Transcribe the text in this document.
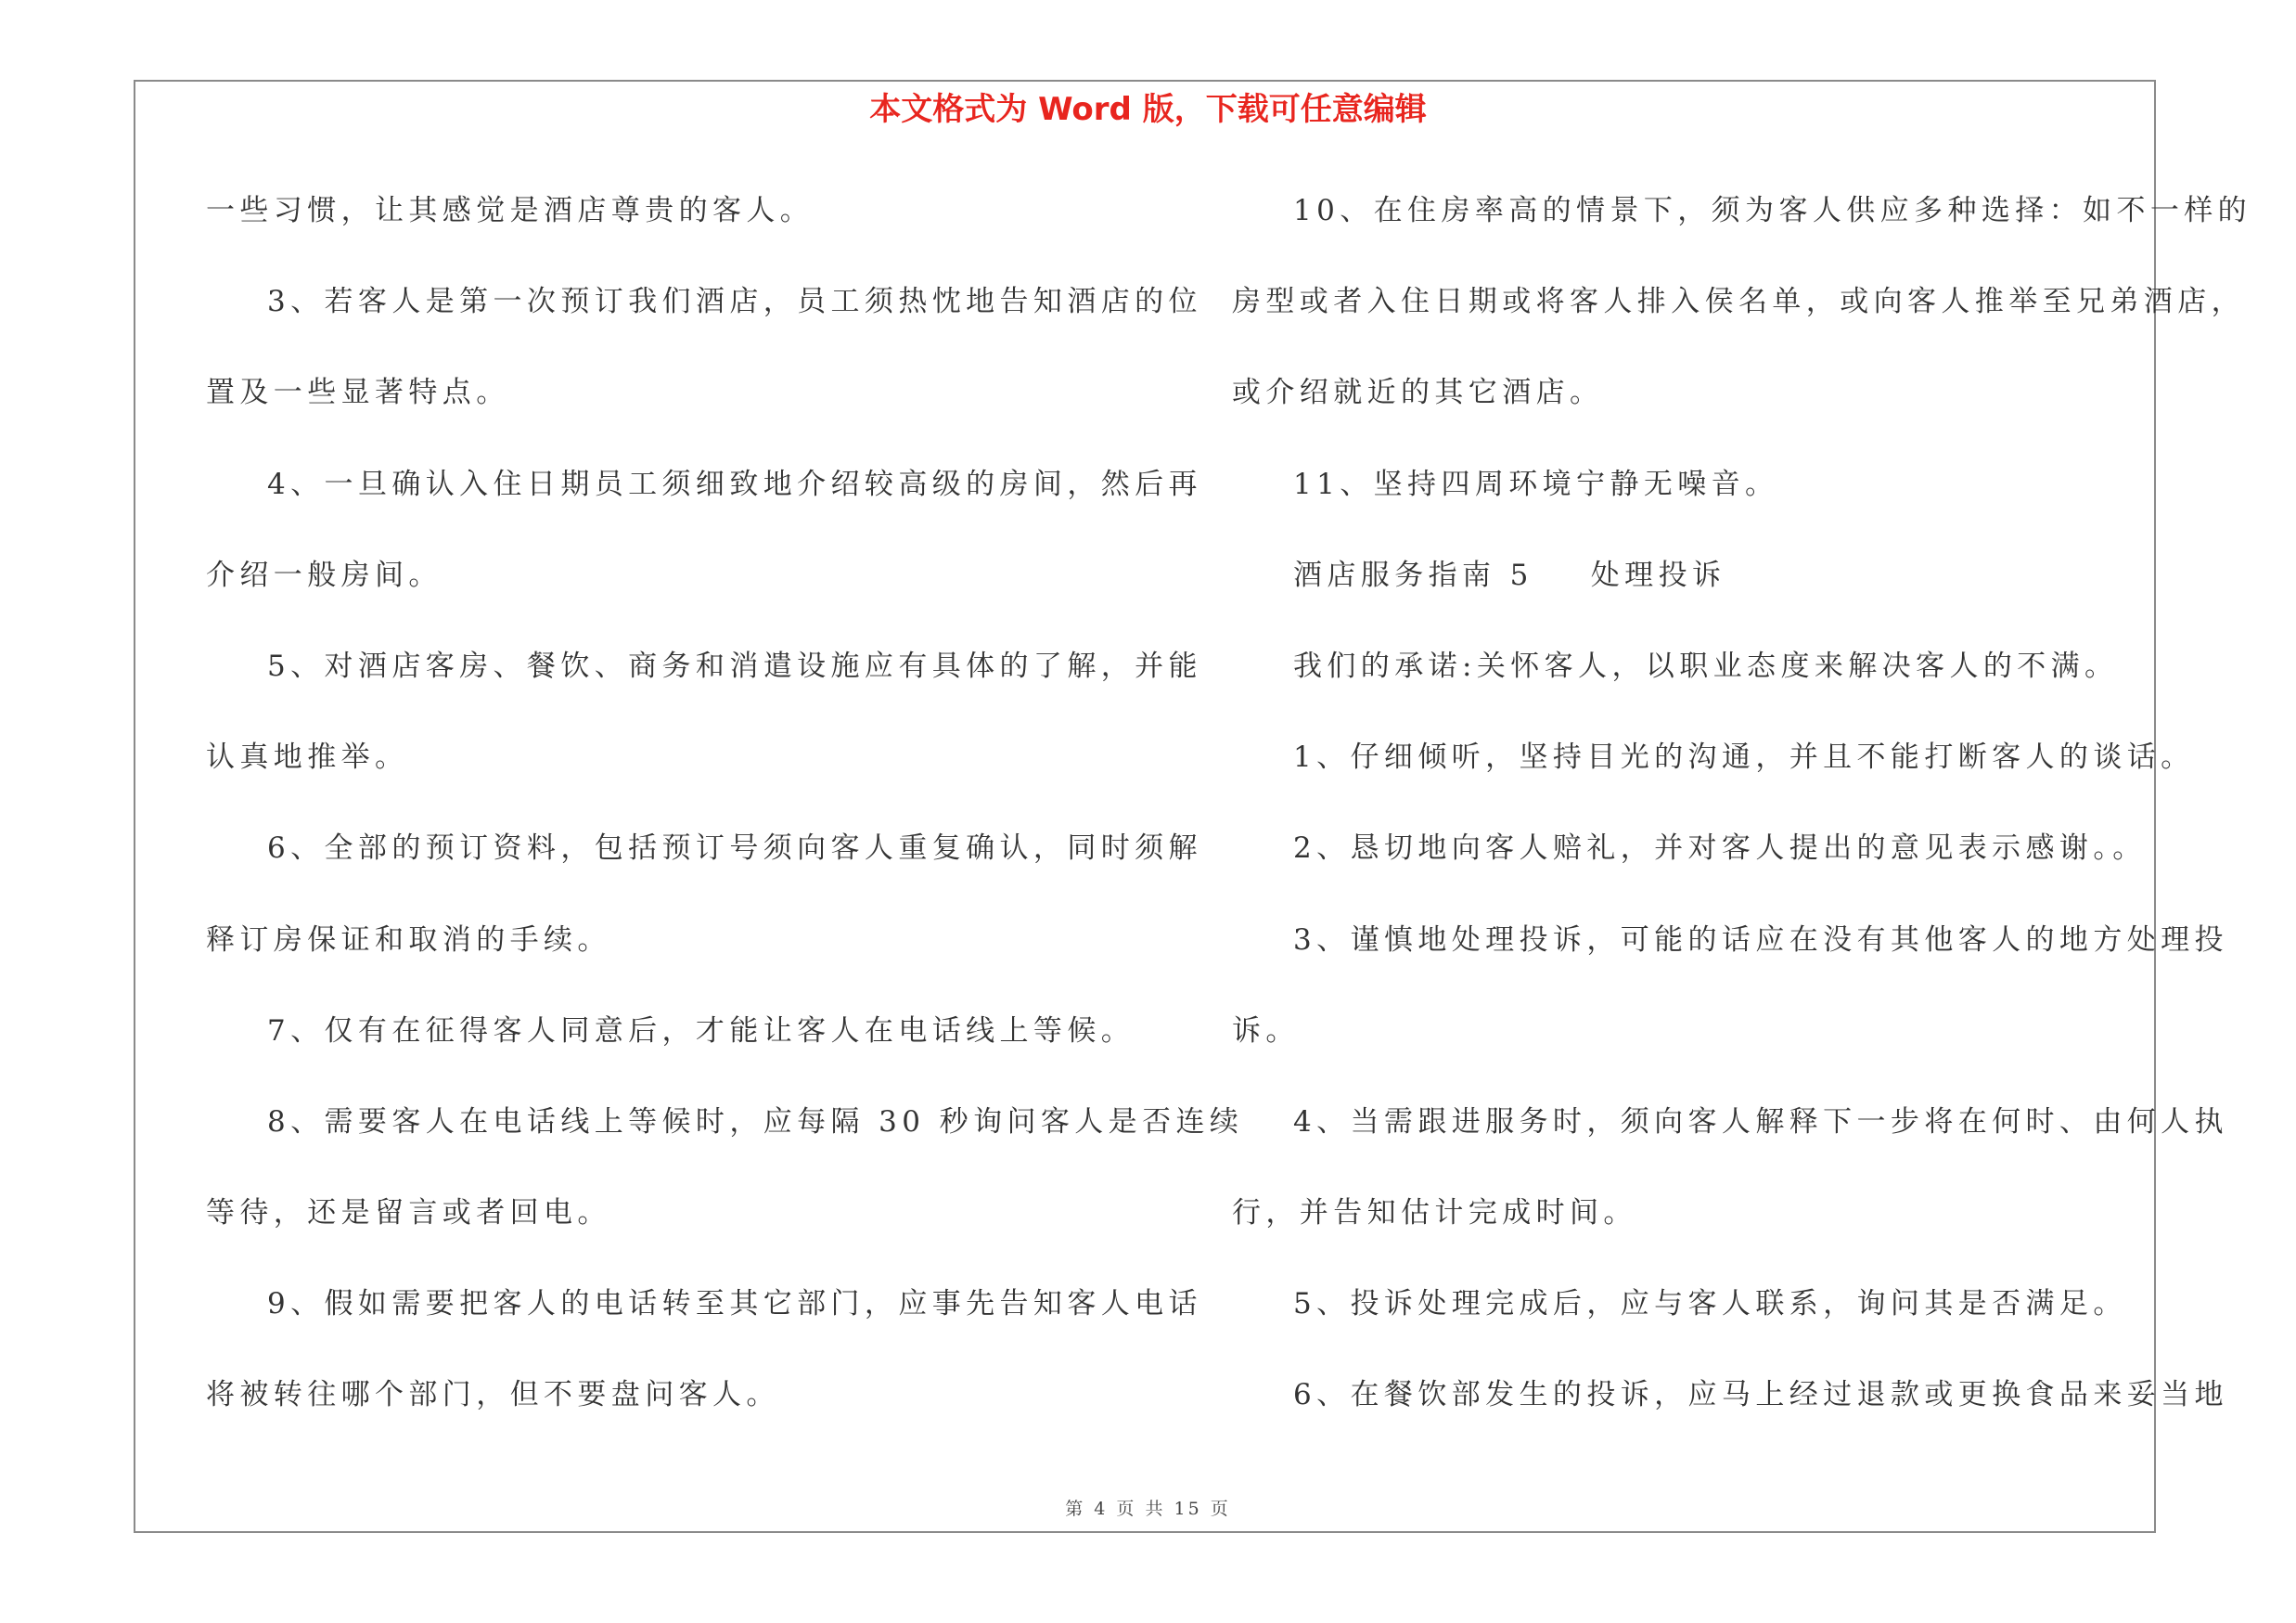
本文格式为 Word 版，下载可任意编辑

一些习惯，让其感觉是酒店尊贵的客人。

3、若客人是第一次预订我们酒店，员工须热忱地告知酒店的位

置及一些显著特点。

4、一旦确认入住日期员工须细致地介绍较高级的房间，然后再

介绍一般房间。

5、对酒店客房、餐饮、商务和消遣设施应有具体的了解，并能

认真地推举。

6、全部的预订资料，包括预订号须向客人重复确认，同时须解

释订房保证和取消的手续。

7、仅有在征得客人同意后，才能让客人在电话线上等候。

8、需要客人在电话线上等候时，应每隔 30 秒询问客人是否连续

等待，还是留言或者回电。

9、假如需要把客人的电话转至其它部门，应事先告知客人电话

将被转往哪个部门，但不要盘问客人。

10、在住房率高的情景下，须为客人供应多种选择：如不一样的

房型或者入住日期或将客人排入侯名单，或向客人推举至兄弟酒店，

或介绍就近的其它酒店。

11、坚持四周环境宁静无噪音。

酒店服务指南 5 处理投诉

我们的承诺:关怀客人，以职业态度来解决客人的不满。

1、仔细倾听，坚持目光的沟通，并且不能打断客人的谈话。

2、恳切地向客人赔礼，并对客人提出的意见表示感谢。。

3、谨慎地处理投诉，可能的话应在没有其他客人的地方处理投

诉。

4、当需跟进服务时，须向客人解释下一步将在何时、由何人执

行，并告知估计完成时间。

5、投诉处理完成后，应与客人联系，询问其是否满足。

6、在餐饮部发生的投诉，应马上经过退款或更换食品来妥当地

第 4 页 共 15 页
